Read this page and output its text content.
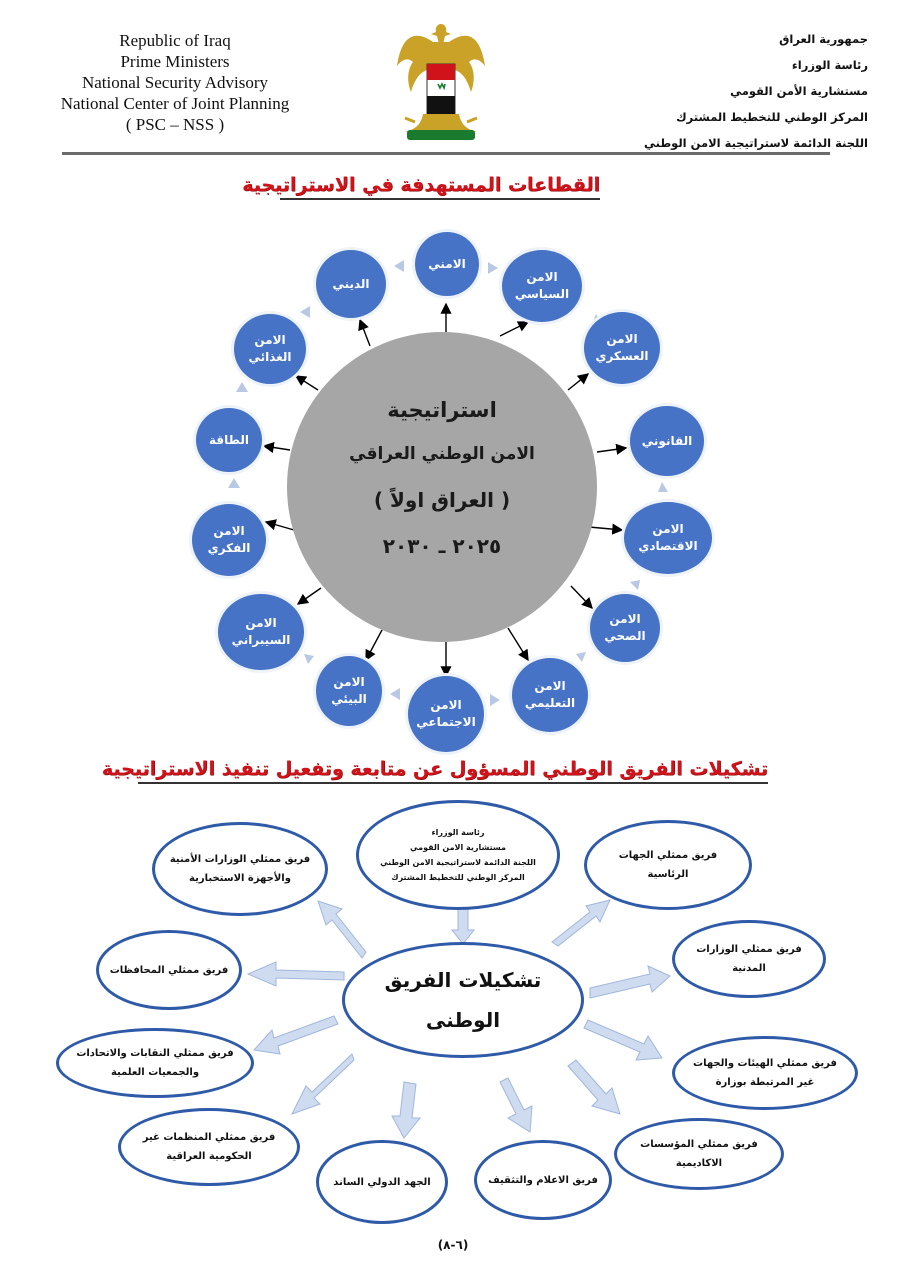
Republic of Iraq
Prime Ministers
National Security Advisory
National Center of Joint Planning
( PSC – NSS )
جمهورية العراق
رئاسة الوزراء
مستشارية الأمن القومي
المركز الوطني للتخطيط المشترك
اللجنة الدائمة لاستراتيجية الامن الوطني
القطاعات المستهدفة في الاستراتيجية
استراتيجية
الامن الوطني العراقي
( العراق اولاً )
٢٠٢٥ ـ ٢٠٣٠
الامني
الامن السياسي
الامن العسكري
القانوني
الامن الاقتصادي
الامن الصحي
الامن التعليمي
الامن الاجتماعي
الامن البيئي
الامن السيبراني
الامن الفكري
الطاقة
الامن الغذائي
الديني
تشكيلات الفريق الوطني المسؤول عن متابعة وتفعيل تنفيذ الاستراتيجية
رئاسة الوزراء
مستشارية الامن القومي
اللجنة الدائمة لاستراتيجية الامن الوطني
المركز الوطني للتخطيط المشترك
تشكيلات الفريق الوطنى
فريق ممثلي الوزارات الأمنية والأجهزة الاستخبارية
فريق ممثلي الجهات الرئاسية
فريق ممثلي الوزارات المدنية
فريق ممثلي المحافظات
فريق ممثلي النقابات والاتحادات والجمعيات العلمية
فريق ممثلي الهيئات والجهات غير المرتبطة بوزارة
فريق ممثلي المنظمات غير الحكومية العراقية
فريق ممثلي المؤسسات الاكاديمية
الجهد الدولي الساند	فريق الاعلام والتثقيف
(٦-٨)
